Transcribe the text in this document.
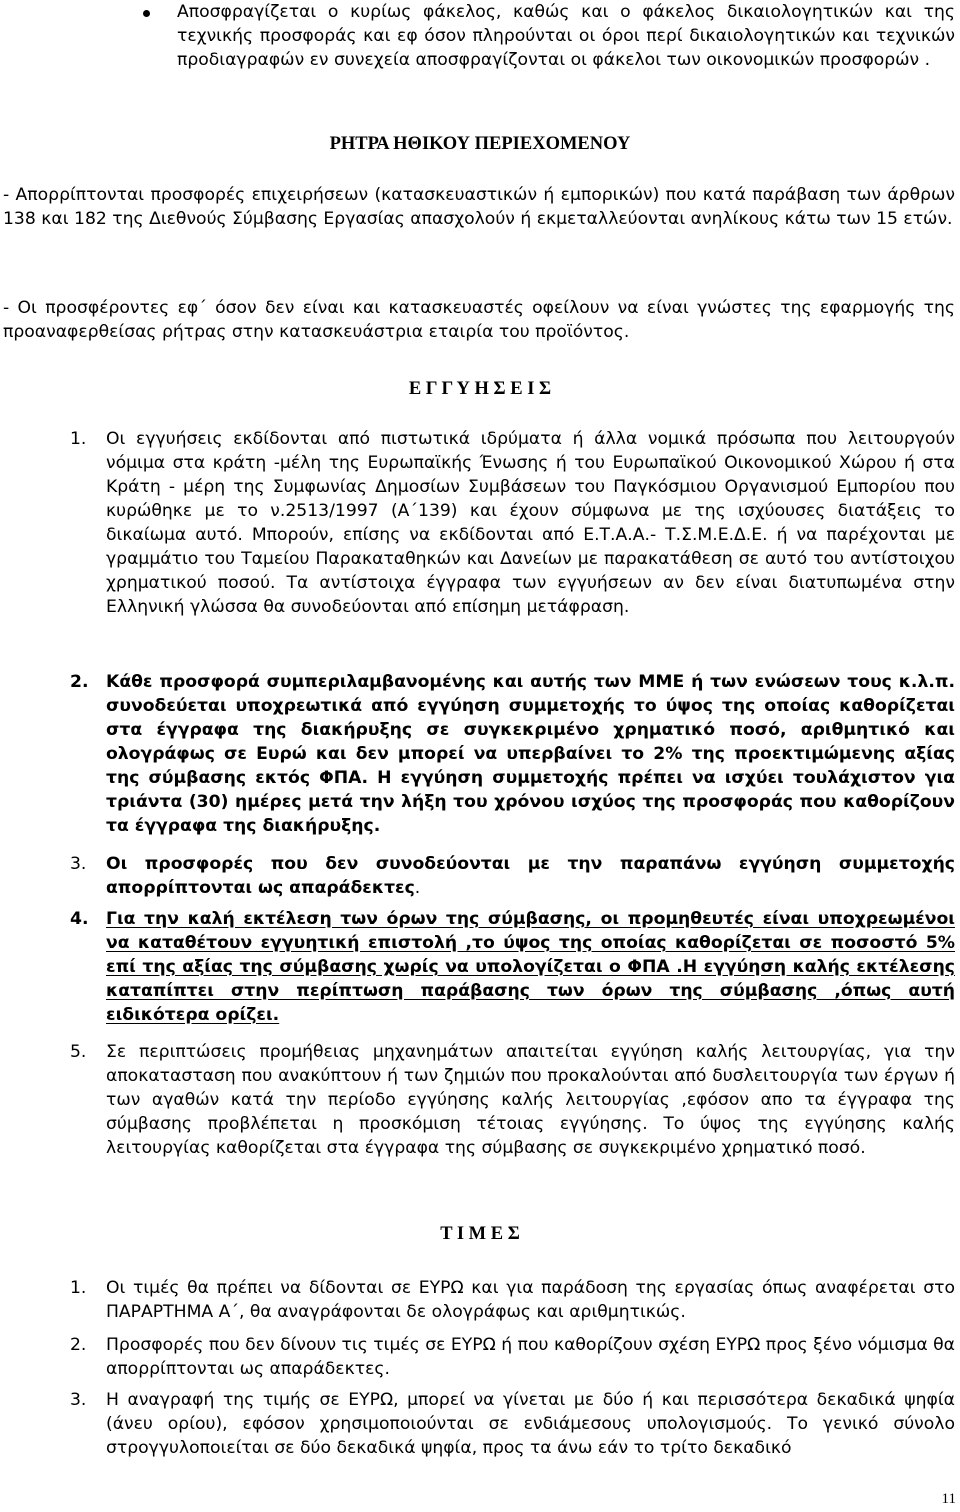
Αποσφραγίζεται ο κυρίως φάκελος, καθώς και ο φάκελος δικαιολογητικών και της τεχνικής προσφοράς και εφ όσον πληρούνται οι όροι περί δικαιολογητικών και τεχνικών προδιαγραφών εν συνεχεία αποσφραγίζονται οι φάκελοι των οικονομικών προσφορών .
ΡΗΤΡΑ ΗΘΙΚΟΥ ΠΕΡΙΕΧΟΜΕΝΟΥ
- Απορρίπτονται προσφορές επιχειρήσεων (κατασκευαστικών ή εμπορικών) που κατά παράβαση των άρθρων 138 και 182 της Διεθνούς Σύμβασης Εργασίας απασχολούν ή εκμεταλλεύονται ανηλίκους κάτω των 15 ετών.
- Οι προσφέροντες εφ΄ όσον δεν είναι και κατασκευαστές οφείλουν να είναι γνώστες της εφαρμογής της προαναφερθείσας ρήτρας στην κατασκευάστρια εταιρία του προϊόντος.
Ε Γ Γ Υ Η Σ Ε Ι Σ
1.	Οι εγγυήσεις εκδίδονται από πιστωτικά ιδρύματα ή άλλα νομικά πρόσωπα που λειτουργούν νόμιμα στα κράτη -μέλη της Ευρωπαϊκής Ένωσης ή του Ευρωπαϊκού Οικονομικού Χώρου ή στα Κράτη - μέρη της Συμφωνίας Δημοσίων Συμβάσεων του Παγκόσμιου Οργανισμού Εμπορίου που κυρώθηκε με το ν.2513/1997 (Α΄139) και έχουν σύμφωνα με της ισχύουσες διατάξεις το δικαίωμα αυτό. Μπορούν, επίσης να εκδίδονται από Ε.Τ.Α.Α.- Τ.Σ.Μ.Ε.Δ.Ε. ή να παρέχονται με γραμμάτιο του Ταμείου Παρακαταθηκών και Δανείων με παρακατάθεση σε αυτό του αντίστοιχου χρηματικού ποσού. Τα αντίστοιχα έγγραφα των εγγυήσεων αν δεν είναι διατυπωμένα στην Ελληνική γλώσσα θα συνοδεύονται από επίσημη μετάφραση.
2.	Κάθε προσφορά συμπεριλαμβανομένης και αυτής των ΜΜΕ ή των ενώσεων τους κ.λ.π. συνοδεύεται υποχρεωτικά από εγγύηση συμμετοχής το ύψος της οποίας καθορίζεται στα έγγραφα της διακήρυξης σε συγκεκριμένο χρηματικό ποσό, αριθμητικό και ολογράφως σε Ευρώ και δεν μπορεί να υπερβαίνει το 2% της προεκτιμώμενης αξίας της σύμβασης εκτός ΦΠΑ. Η εγγύηση συμμετοχής πρέπει να ισχύει τουλάχιστον για τριάντα (30) ημέρες μετά την λήξη του χρόνου ισχύος της προσφοράς που καθορίζουν τα έγγραφα της διακήρυξης.
3.	Οι προσφορές που δεν συνοδεύονται με την παραπάνω εγγύηση συμμετοχής απορρίπτονται ως απαράδεκτες.
4.	Για την καλή εκτέλεση των όρων της σύμβασης, οι προμηθευτές είναι υποχρεωμένοι να καταθέτουν εγγυητική επιστολή ,το ύψος της οποίας καθορίζεται σε ποσοστό 5% επί της αξίας της σύμβασης χωρίς να υπολογίζεται ο ΦΠΑ .Η εγγύηση καλής εκτέλεσης καταπίπτει στην περίπτωση παράβασης των όρων της σύμβασης ,όπως αυτή ειδικότερα ορίζει.
5.	Σε περιπτώσεις προμήθειας μηχανημάτων απαιτείται εγγύηση καλής λειτουργίας, για την αποκατασταση που ανακύπτουν ή των ζημιών που προκαλούνται από δυσλειτουργία των έργων ή των αγαθών κατά την περίοδο εγγύησης καλής λειτουργίας ,εφόσον απο τα έγγραφα της σύμβασης προβλέπεται η προσκόμιση τέτοιας εγγύησης. Το ύψος της εγγύησης καλής λειτουργίας καθορίζεται στα έγγραφα της σύμβασης σε συγκεκριμένο χρηματικό ποσό.
Τ Ι Μ Ε Σ
1.	Οι τιμές θα πρέπει να δίδονται σε ΕΥΡΩ και για παράδοση της εργασίας όπως αναφέρεται στο ΠΑΡΑΡΤΗΜΑ Α΄, θα αναγράφονται δε ολογράφως και αριθμητικώς.
2.	Προσφορές που δεν δίνουν τις τιμές σε ΕΥΡΩ ή που καθορίζουν σχέση ΕΥΡΩ προς ξένο νόμισμα θα απορρίπτονται ως απαράδεκτες.
3.	Η αναγραφή της τιμής σε ΕΥΡΩ, μπορεί να γίνεται με δύο ή και περισσότερα δεκαδικά ψηφία (άνευ ορίου), εφόσον χρησιμοποιούνται σε ενδιάμεσους υπολογισμούς. Το γενικό σύνολο στρογγυλοποιείται σε δύο δεκαδικά ψηφία, προς τα άνω εάν το τρίτο δεκαδικό
11
